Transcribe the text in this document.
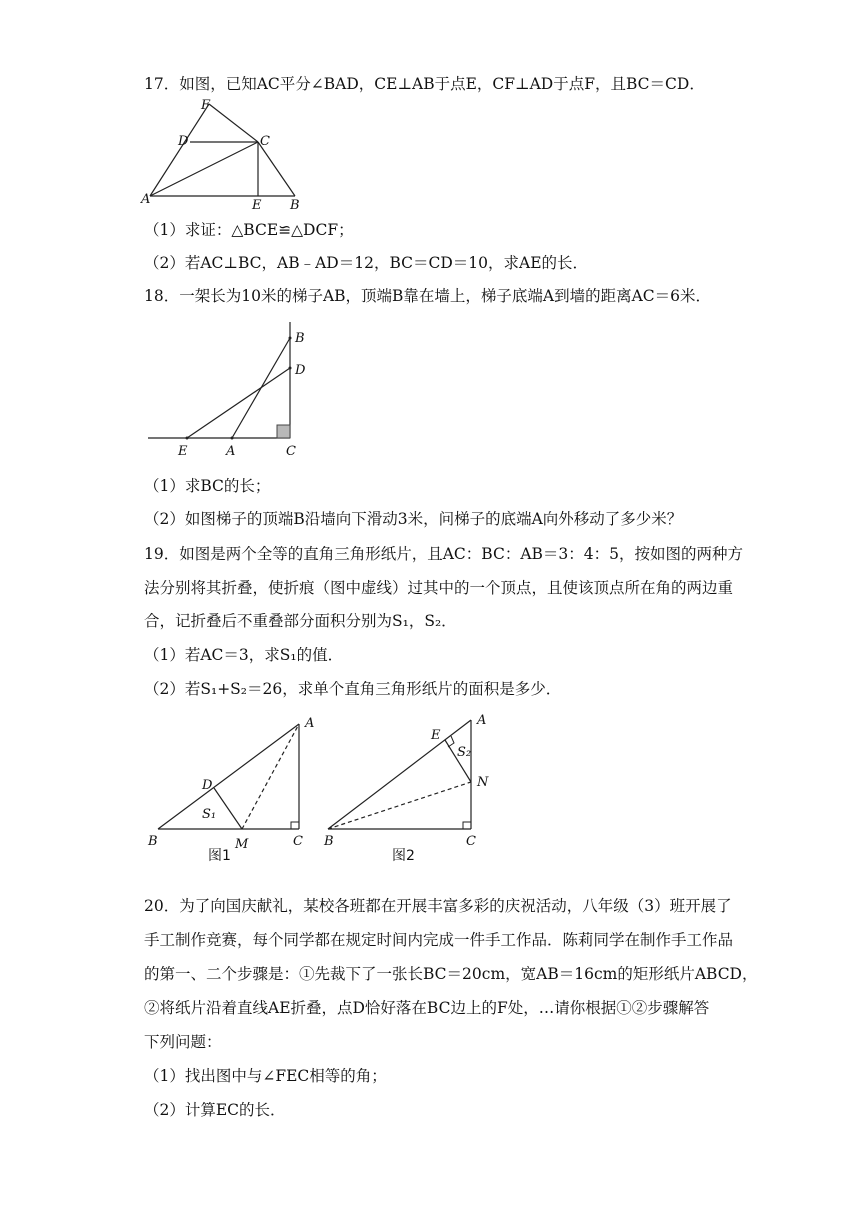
17．如图，已知AC平分∠BAD，CE⊥AB于点E，CF⊥AD于点F，且BC＝CD．
F
D	C
A	E B
（1）求证：△BCE≌△DCF；
（2）若AC⊥BC，AB﹣AD＝12，BC＝CD＝10，求AE的长．
18．一架长为10米的梯子AB，顶端B靠在墙上，梯子底端A到墙的距离AC＝6米．
B
D
E	A	C
（1）求BC的长；
（2）如图梯子的顶端B沿墙向下滑动3米，问梯子的底端A向外移动了多少米？
19．如图是两个全等的直角三角形纸片，且AC：BC：AB＝3：4：5，按如图的两种方
法分别将其折叠，使折痕（图中虚线）过其中的一个顶点，且使该顶点所在角的两边重
合，记折叠后不重叠部分面积分别为S₁，S₂．
（1）若AC＝3，求S₁的值．
（2）若S₁+S₂＝26，求单个直角三角形纸片的面积是多少．
A
D
S₁
B	M	C
图1
E
A
S₂
N
B	C
图2
20．为了向国庆献礼，某校各班都在开展丰富多彩的庆祝活动，八年级（3）班开展了
手工制作竞赛，每个同学都在规定时间内完成一件手工作品．陈莉同学在制作手工作品
的第一、二个步骤是：①先裁下了一张长BC＝20cm，宽AB＝16cm的矩形纸片ABCD，
②将纸片沿着直线AE折叠，点D恰好落在BC边上的F处，…请你根据①②步骤解答
下列问题：
（1）找出图中与∠FEC相等的角；
（2）计算EC的长．
